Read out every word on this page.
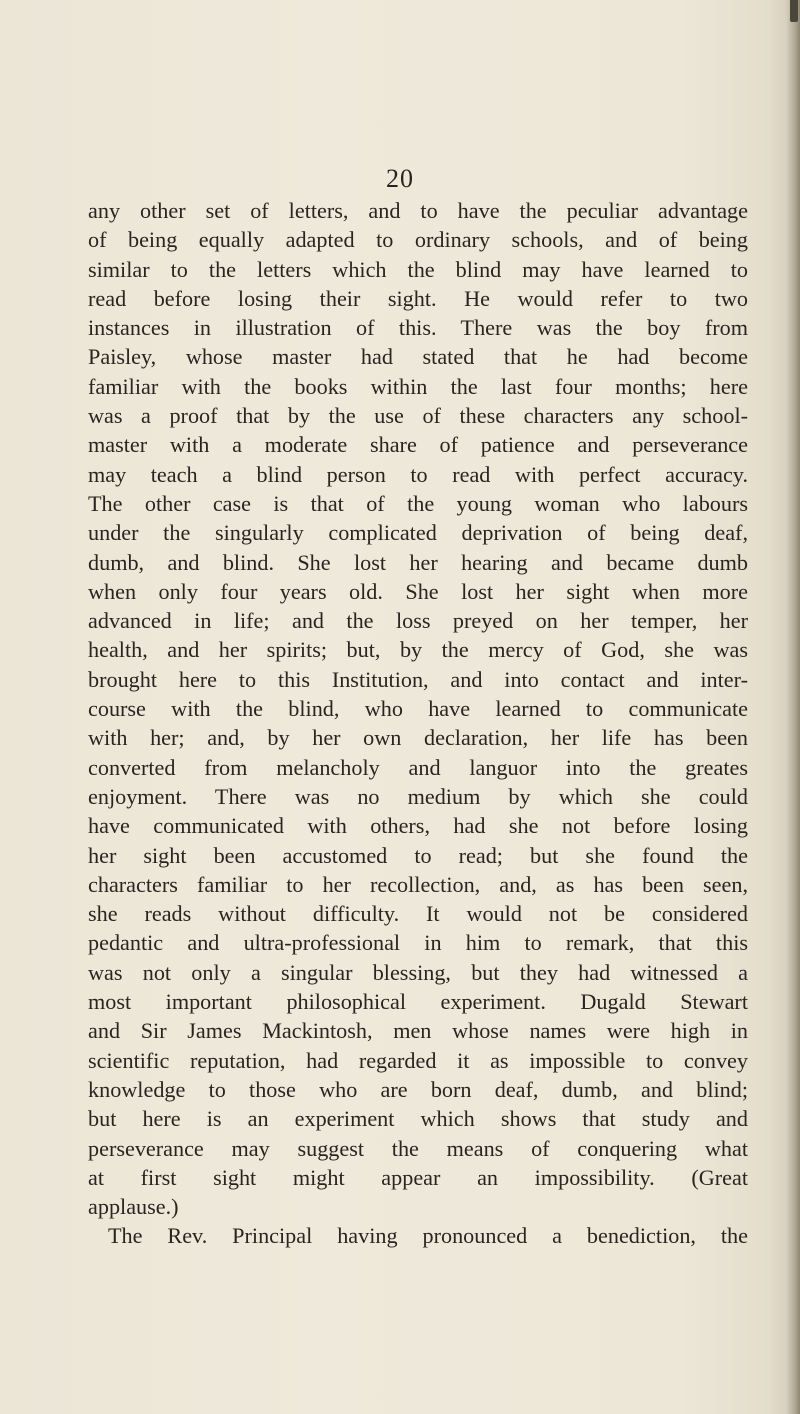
20
any other set of letters, and to have the peculiar advantage
of being equally adapted to ordinary schools, and of being
similar to the letters which the blind may have learned to
read before losing their sight. He would refer to two
instances in illustration of this. There was the boy from
Paisley, whose master had stated that he had become
familiar with the books within the last four months; here
was a proof that by the use of these characters any school-
master with a moderate share of patience and perseverance
may teach a blind person to read with perfect accuracy.
The other case is that of the young woman who labours
under the singularly complicated deprivation of being deaf,
dumb, and blind. She lost her hearing and became dumb
when only four years old. She lost her sight when more
advanced in life; and the loss preyed on her temper, her
health, and her spirits; but, by the mercy of God, she was
brought here to this Institution, and into contact and inter-
course with the blind, who have learned to communicate
with her; and, by her own declaration, her life has been
converted from melancholy and languor into the greates
enjoyment. There was no medium by which she could
have communicated with others, had she not before losing
her sight been accustomed to read; but she found the
characters familiar to her recollection, and, as has been seen,
she reads without difficulty. It would not be considered
pedantic and ultra-professional in him to remark, that this
was not only a singular blessing, but they had witnessed a
most important philosophical experiment. Dugald Stewart
and Sir James Mackintosh, men whose names were high in
scientific reputation, had regarded it as impossible to convey
knowledge to those who are born deaf, dumb, and blind;
but here is an experiment which shows that study and
perseverance may suggest the means of conquering what
at first sight might appear an impossibility. (Great
applause.)
The Rev. Principal having pronounced a benediction, the
